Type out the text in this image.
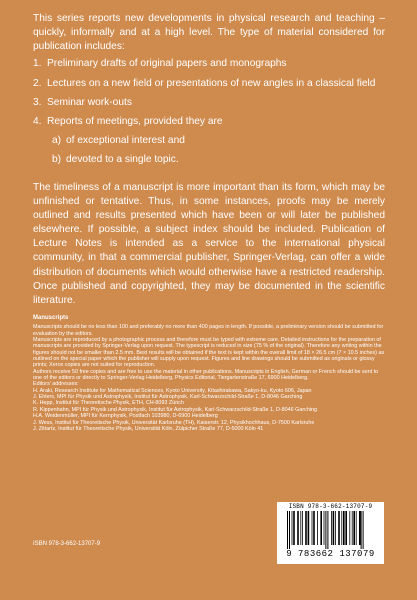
This series reports new developments in physical research and teaching – quickly, informally and at a high level. The type of material considered for publication includes:
1. Preliminary drafts of original papers and monographs
2. Lectures on a new field or presentations of new angles in a classical field
3. Seminar work-outs
4. Reports of meetings, provided they are
a) of exceptional interest and
b) devoted to a single topic.
The timeliness of a manuscript is more important than its form, which may be unfinished or tentative. Thus, in some instances, proofs may be merely outlined and results presented which have been or will later be published elsewhere. If possible, a subject index should be included. Publication of Lecture Notes is intended as a service to the international physical community, in that a commercial publisher, Springer-Verlag, can offer a wide distribution of documents which would otherwise have a restricted readership. Once published and copyrighted, they may be documented in the scientific literature.
Manuscripts

Manuscripts should be no less than 100 and preferably no more than 400 pages in length. If possible, a preliminary version should be submitted for evaluation by the editors.

Manuscripts are reproduced by a photographic process and therefore must be typed with extreme care. Detailed instructions for the preparation of manuscripts are provided by Springer-Verlag upon request. The typescript is reduced in size (75 % of the original). Therefore any writing within the figures should not be smaller than 2.5 mm. Best results will be obtained if the text is kept within the overall limit of 18 × 26.5 cm (7 × 10.5 inches) as outlined on the special paper which the publisher will supply upon request. Figures and line drawings should be submitted as originals or glossy prints; Xerox copies are not suited for reproduction.

Authors receive 50 free copies and are free to use the material in other publications. Manuscripts in English, German or French should be sent to one of the editors or directly to Springer-Verlag Heidelberg, Physics Editorial, Tiergartenstraße 17, 6900 Heidelberg.

Editors' addresses:

H. Araki, Research Institute for Mathematical Sciences, Kyoto University, Kitashirakawa, Sakyo-ku, Kyoto 606, Japan

J. Ehlers, MPI für Physik und Astrophysik, Institut für Astrophysik, Karl-Schwarzschild-Straße 1, D-8046 Garching

K. Hepp, Institut für Theoretische Physik, ETH, CH-8093 Zürich

R. Kippenhahn, MPI für Physik und Astrophysik, Institut für Astrophysik, Karl-Schwarzschild-Straße 1, D-8046 Garching

H.A. Weidenmüller, MPI für Kernphysik, Postfach 103980, D-6900 Heidelberg

J. Wess, Institut für Theoretische Physik, Universität Karlsruhe (TH), Kaiserstr. 12, Physikhochhaus, D-7500 Karlsruhe

J. Zittartz, Institut für Theoretische Physik, Universität Köln, Zülpicher Straße 77, D-5000 Köln 41

ISBN 978-3-662-13707-9
ISBN 978-3-662-13707-9
9 783662 137079
